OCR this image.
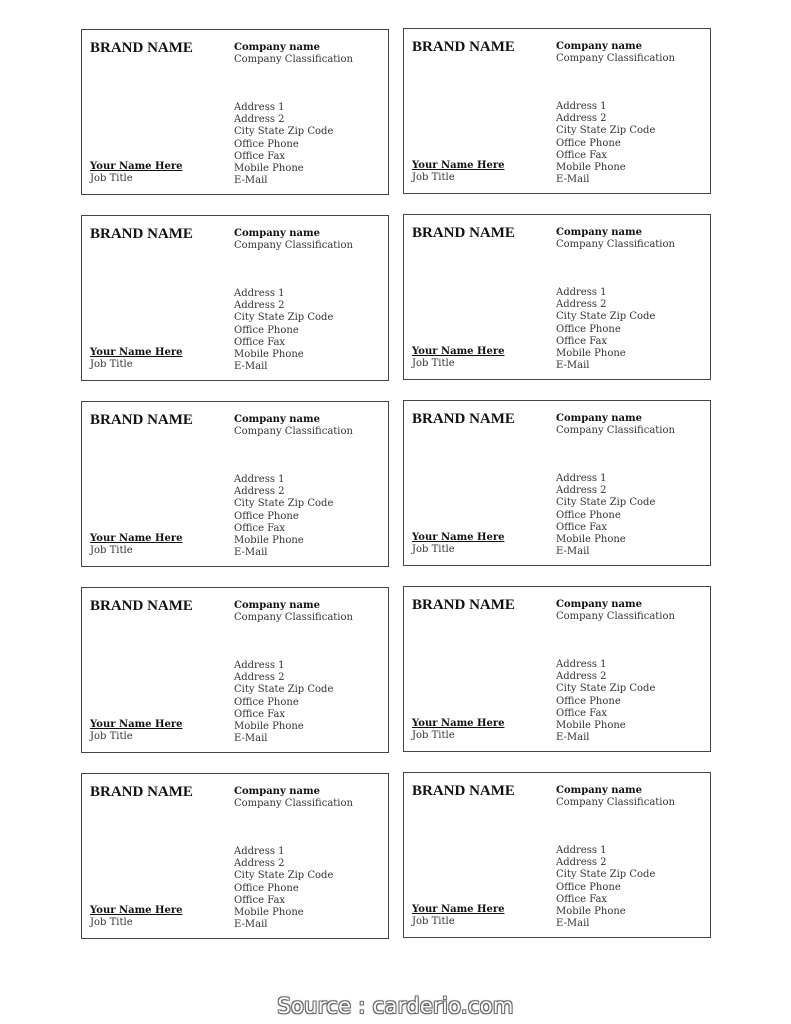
BRAND NAME	Company name
Company Classification
Address 1
Address 2
City State Zip Code
Office Phone
Office Fax
Mobile Phone
E-Mail
Your Name Here
Job Title
BRAND NAME	Company name
Company Classification
Address 1
Address 2
City State Zip Code
Office Phone
Office Fax
Mobile Phone
E-Mail
Your Name Here
Job Title
BRAND NAME	Company name
Company Classification
Address 1
Address 2
City State Zip Code
Office Phone
Office Fax
Mobile Phone
E-Mail
Your Name Here
Job Title
BRAND NAME	Company name
Company Classification
Address 1
Address 2
City State Zip Code
Office Phone
Office Fax
Mobile Phone
E-Mail
Your Name Here
Job Title
BRAND NAME	Company name
Company Classification
Address 1
Address 2
City State Zip Code
Office Phone
Office Fax
Mobile Phone
E-Mail
Your Name Here
Job Title
BRAND NAME	Company name
Company Classification
Address 1
Address 2
City State Zip Code
Office Phone
Office Fax
Mobile Phone
E-Mail
Your Name Here
Job Title
BRAND NAME	Company name
Company Classification
Address 1
Address 2
City State Zip Code
Office Phone
Office Fax
Mobile Phone
E-Mail
Your Name Here
Job Title
BRAND NAME	Company name
Company Classification
Address 1
Address 2
City State Zip Code
Office Phone
Office Fax
Mobile Phone
E-Mail
Your Name Here
Job Title
BRAND NAME	Company name
Company Classification
Address 1
Address 2
City State Zip Code
Office Phone
Office Fax
Mobile Phone
E-Mail
Your Name Here
Job Title
BRAND NAME	Company name
Company Classification
Address 1
Address 2
City State Zip Code
Office Phone
Office Fax
Mobile Phone
E-Mail
Your Name Here
Job Title
Source : carderio.com
